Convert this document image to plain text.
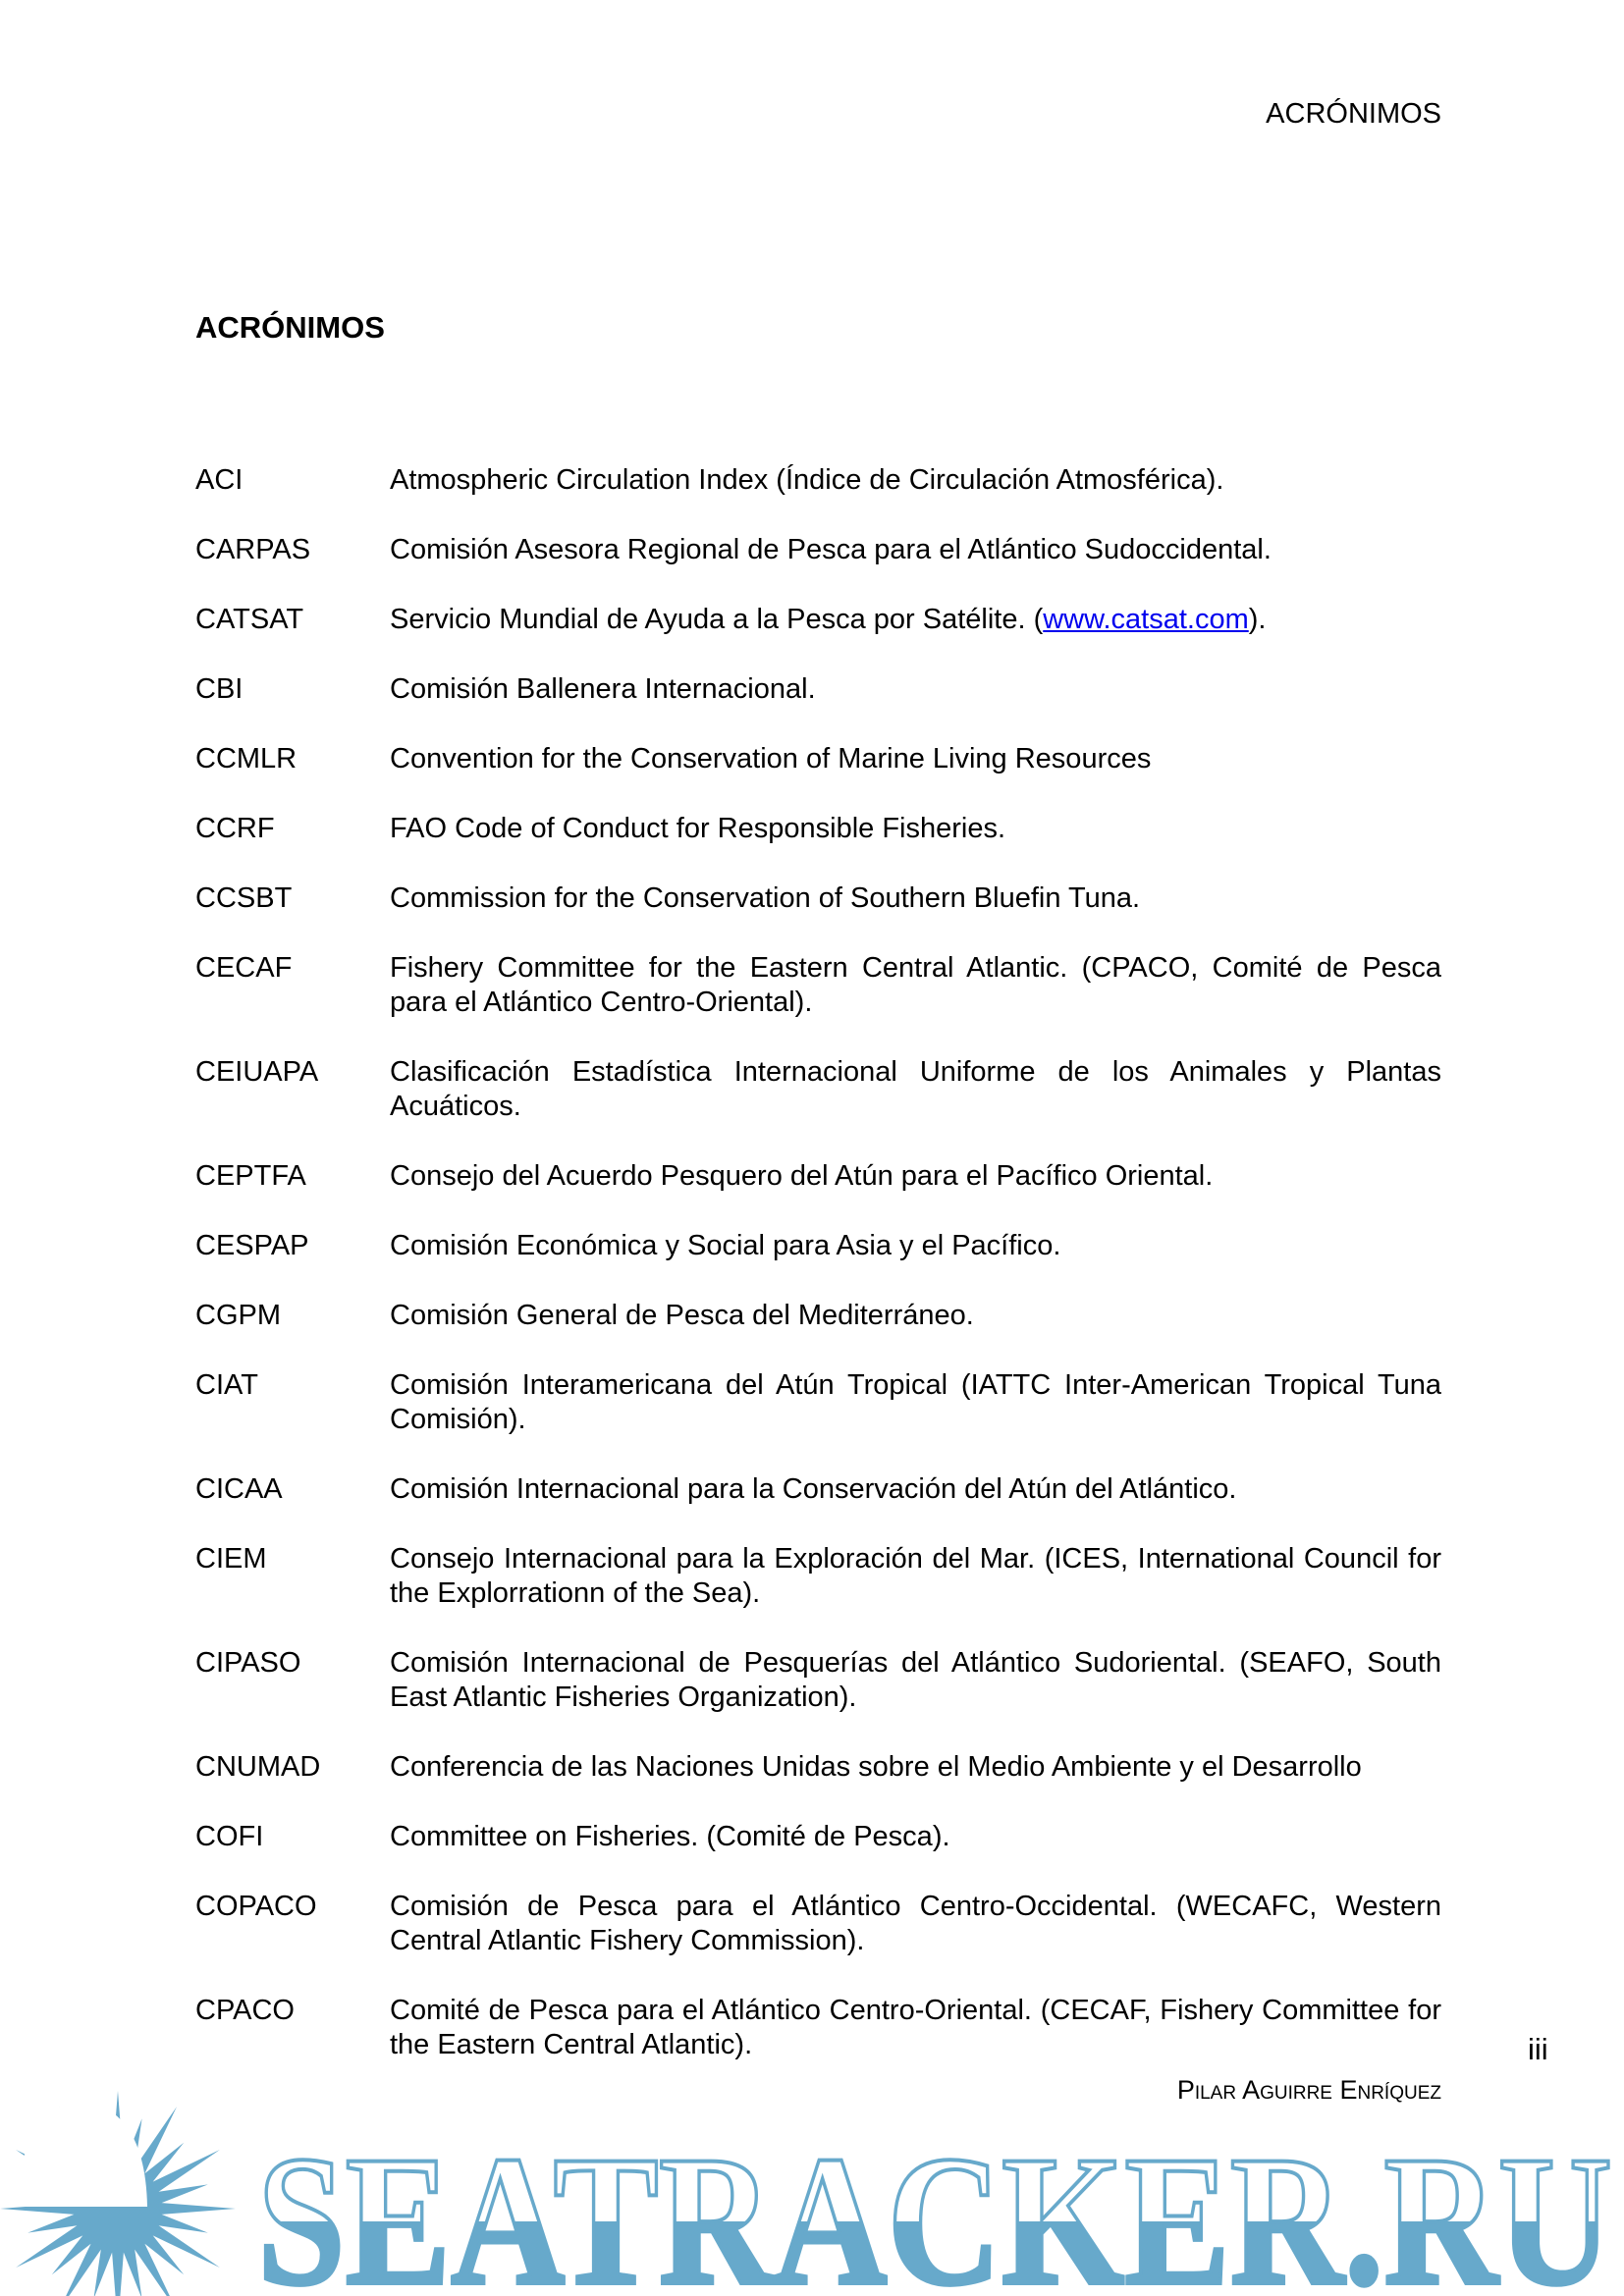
ACRÓNIMOS
ACRÓNIMOS
ACI	Atmospheric Circulation Index (Índice de Circulación Atmosférica).
CARPAS	Comisión Asesora Regional de Pesca para el Atlántico Sudoccidental.
CATSAT	Servicio Mundial de Ayuda a la Pesca por Satélite. (www.catsat.com).
CBI	Comisión Ballenera Internacional.
CCMLR	Convention for the Conservation of Marine Living Resources
CCRF	FAO Code of Conduct for Responsible Fisheries.
CCSBT	Commission for the Conservation of Southern Bluefin Tuna.
CECAF	Fishery Committee for the Eastern Central Atlantic. (CPACO, Comité de Pesca para el Atlántico Centro-Oriental).
CEIUAPA	Clasificación Estadística Internacional Uniforme de los Animales y Plantas Acuáticos.
CEPTFA	Consejo del Acuerdo Pesquero del Atún para el Pacífico Oriental.
CESPAP	Comisión Económica y Social para Asia y el Pacífico.
CGPM	Comisión General de Pesca del Mediterráneo.
CIAT	Comisión Interamericana del Atún Tropical (IATTC Inter-American Tropical Tuna Comisión).
CICAA	Comisión Internacional para la Conservación del Atún del Atlántico.
CIEM	Consejo Internacional para la Exploración del Mar. (ICES, International Council for the Explorrationn of the Sea).
CIPASO	Comisión Internacional de Pesquerías del Atlántico Sudoriental. (SEAFO, South East Atlantic Fisheries Organization).
CNUMAD	Conferencia de las Naciones Unidas sobre el Medio Ambiente y el Desarrollo
COFI	Committee on Fisheries. (Comité de Pesca).
COPACO	Comisión de Pesca para el Atlántico Centro-Occidental. (WECAFC, Western Central Atlantic Fishery Commission).
CPACO	Comité de Pesca para el Atlántico Centro-Oriental. (CECAF, Fishery Committee for the Eastern Central Atlantic).	iii
SEATRACKER.RU
Pilar Aguirre Enríquez
